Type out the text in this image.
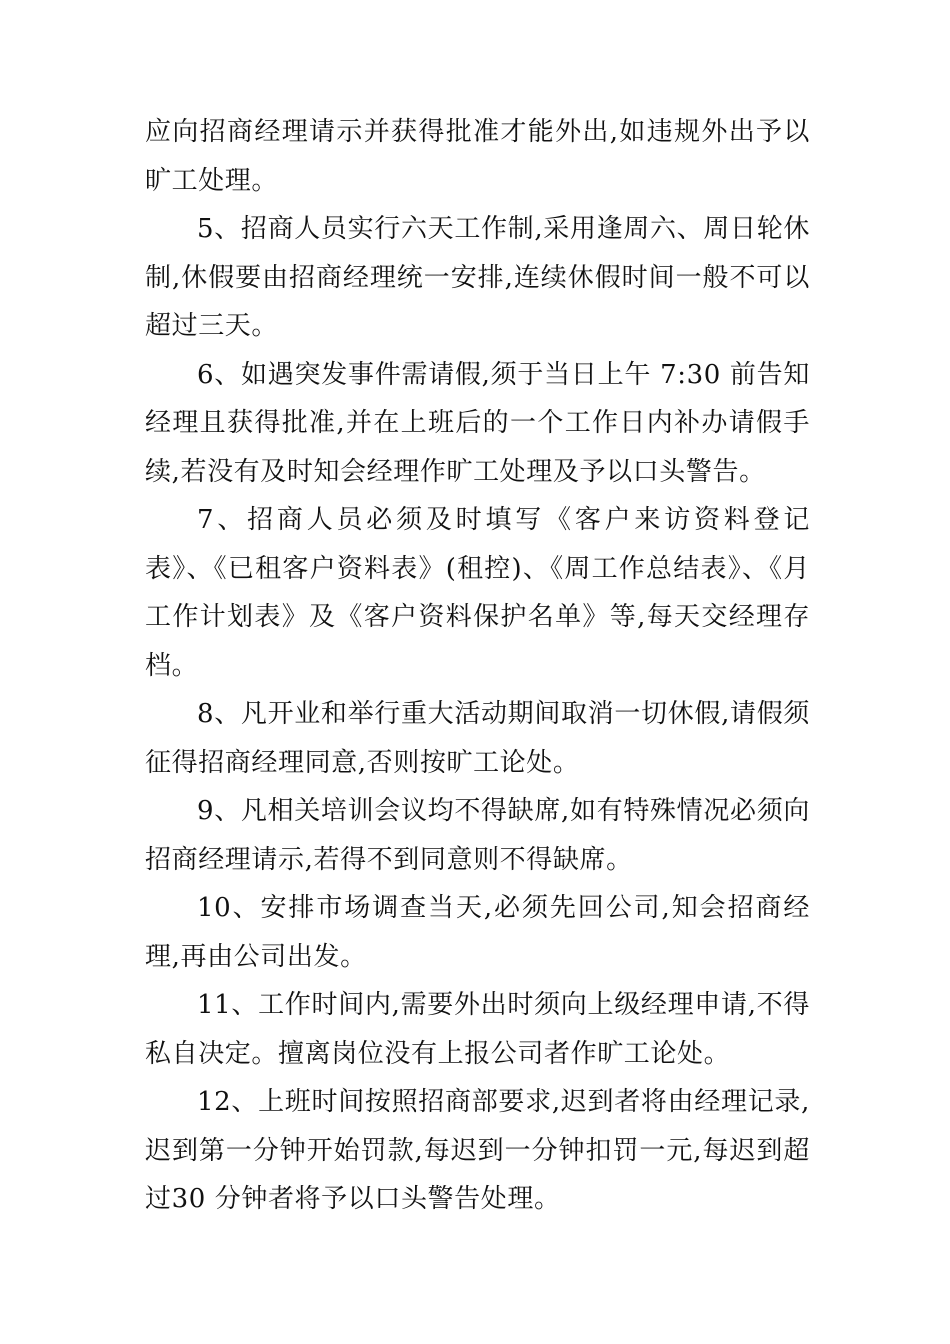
应向招商经理请示并获得批准才能外出,如违规外出予以旷工处理。

5、招商人员实行六天工作制,采用逢周六、周日轮休制,休假要由招商经理统一安排,连续休假时间一般不可以超过三天。

6、如遇突发事件需请假,须于当日上午 7:30 前告知经理且获得批准,并在上班后的一个工作日内补办请假手续,若没有及时知会经理作旷工处理及予以口头警告。

7、招商人员必须及时填写《客户来访资料登记表》、《已租客户资料表》(租控)、《周工作总结表》、《月工作计划表》及《客户资料保护名单》等,每天交经理存档。

8、凡开业和举行重大活动期间取消一切休假,请假须征得招商经理同意,否则按旷工论处。

9、凡相关培训会议均不得缺席,如有特殊情况必须向招商经理请示,若得不到同意则不得缺席。

10、安排市场调查当天,必须先回公司,知会招商经理,再由公司出发。

11、工作时间内,需要外出时须向上级经理申请,不得私自决定。擅离岗位没有上报公司者作旷工论处。

12、上班时间按照招商部要求,迟到者将由经理记录,迟到第一分钟开始罚款,每迟到一分钟扣罚一元,每迟到超过30 分钟者将予以口头警告处理。
